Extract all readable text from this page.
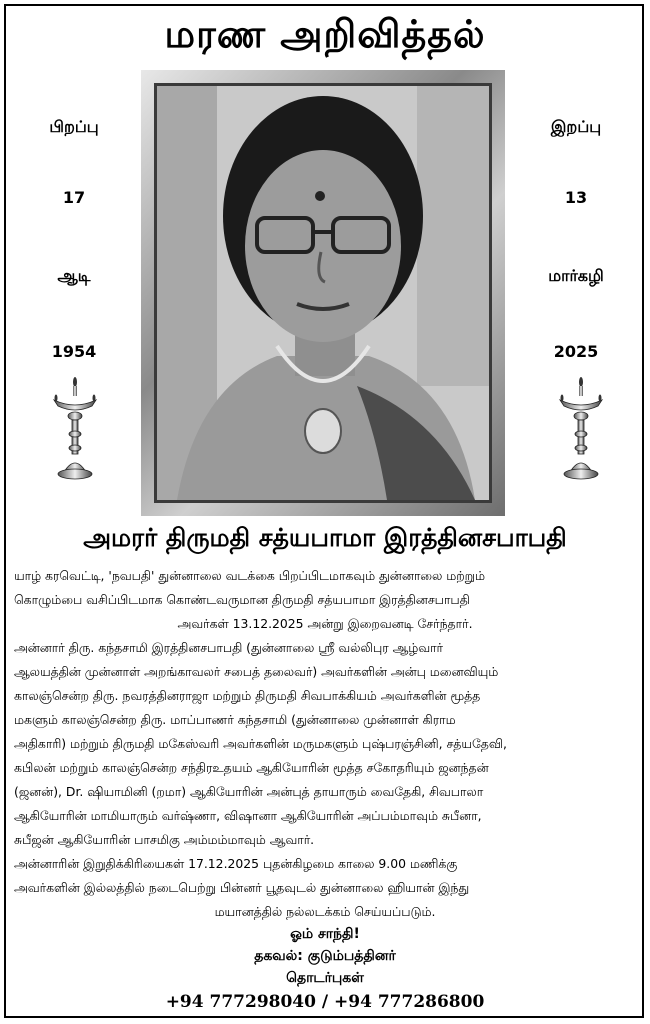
மரண அறிவித்தல்
பிறப்பு
17
ஆடி
1954
இறப்பு
13
மார்கழி
2025
அமரர் திருமதி சத்யபாமா இரத்தினசபாபதி
யாழ் கரவெட்டி, 'நவபதி' துன்னாலை வடக்கை பிறப்பிடமாகவும் துன்னாலை மற்றும்
கொழும்பை வசிப்பிடமாக கொண்டவருமான திருமதி சத்யபாமா இரத்தினசபாபதி
அவர்கள் 13.12.2025 அன்று இறைவனடி சேர்ந்தார்.
அன்னார் திரு. கந்தசாமி இரத்தினசபாபதி (துன்னாலை ஸ்ரீ வல்லிபுர ஆழ்வார்
ஆலயத்தின் முன்னாள் அறங்காவலர் சபைத் தலைவர்) அவர்களின் அன்பு மனைவியும்
காலஞ்சென்ற திரு. நவரத்தினராஜா மற்றும் திருமதி சிவபாக்கியம் அவர்களின் மூத்த
மகளும் காலஞ்சென்ற திரு. மாப்பாணர் கந்தசாமி (துன்னாலை முன்னாள் கிராம
அதிகாரி) மற்றும் திருமதி மகேஸ்வரி அவர்களின் மருமகளும் புஷ்பரஞ்சினி, சத்யதேவி,
கபிலன் மற்றும் காலஞ்சென்ற சந்திரஉதயம் ஆகியோரின் மூத்த சகோதரியும் ஜனந்தன்
(ஜனன்), Dr. ஷியாமினி (றமா) ஆகியோரின் அன்புத் தாயாரும் வைதேகி, சிவபாலா
ஆகியோரின் மாமியாரும் வர்ஷ்ணா, விஷானா ஆகியோரின் அப்பம்மாவும் சுபீனா,
சுபீஜன் ஆகியோரின் பாசமிகு அம்மம்மாவும் ஆவார்.
அன்னாரின் இறுதிக்கிரியைகள் 17.12.2025 புதன்கிழமை காலை 9.00 மணிக்கு
அவர்களின் இல்லத்தில் நடைபெற்று பின்னர் பூதவுடல் துன்னாலை ஹியான் இந்து
மயானத்தில் நல்லடக்கம் செய்யப்படும்.
ஓம் சாந்தி!
தகவல்: குடும்பத்தினர்
தொடர்புகள்
+94 777298040 / +94 777286800
